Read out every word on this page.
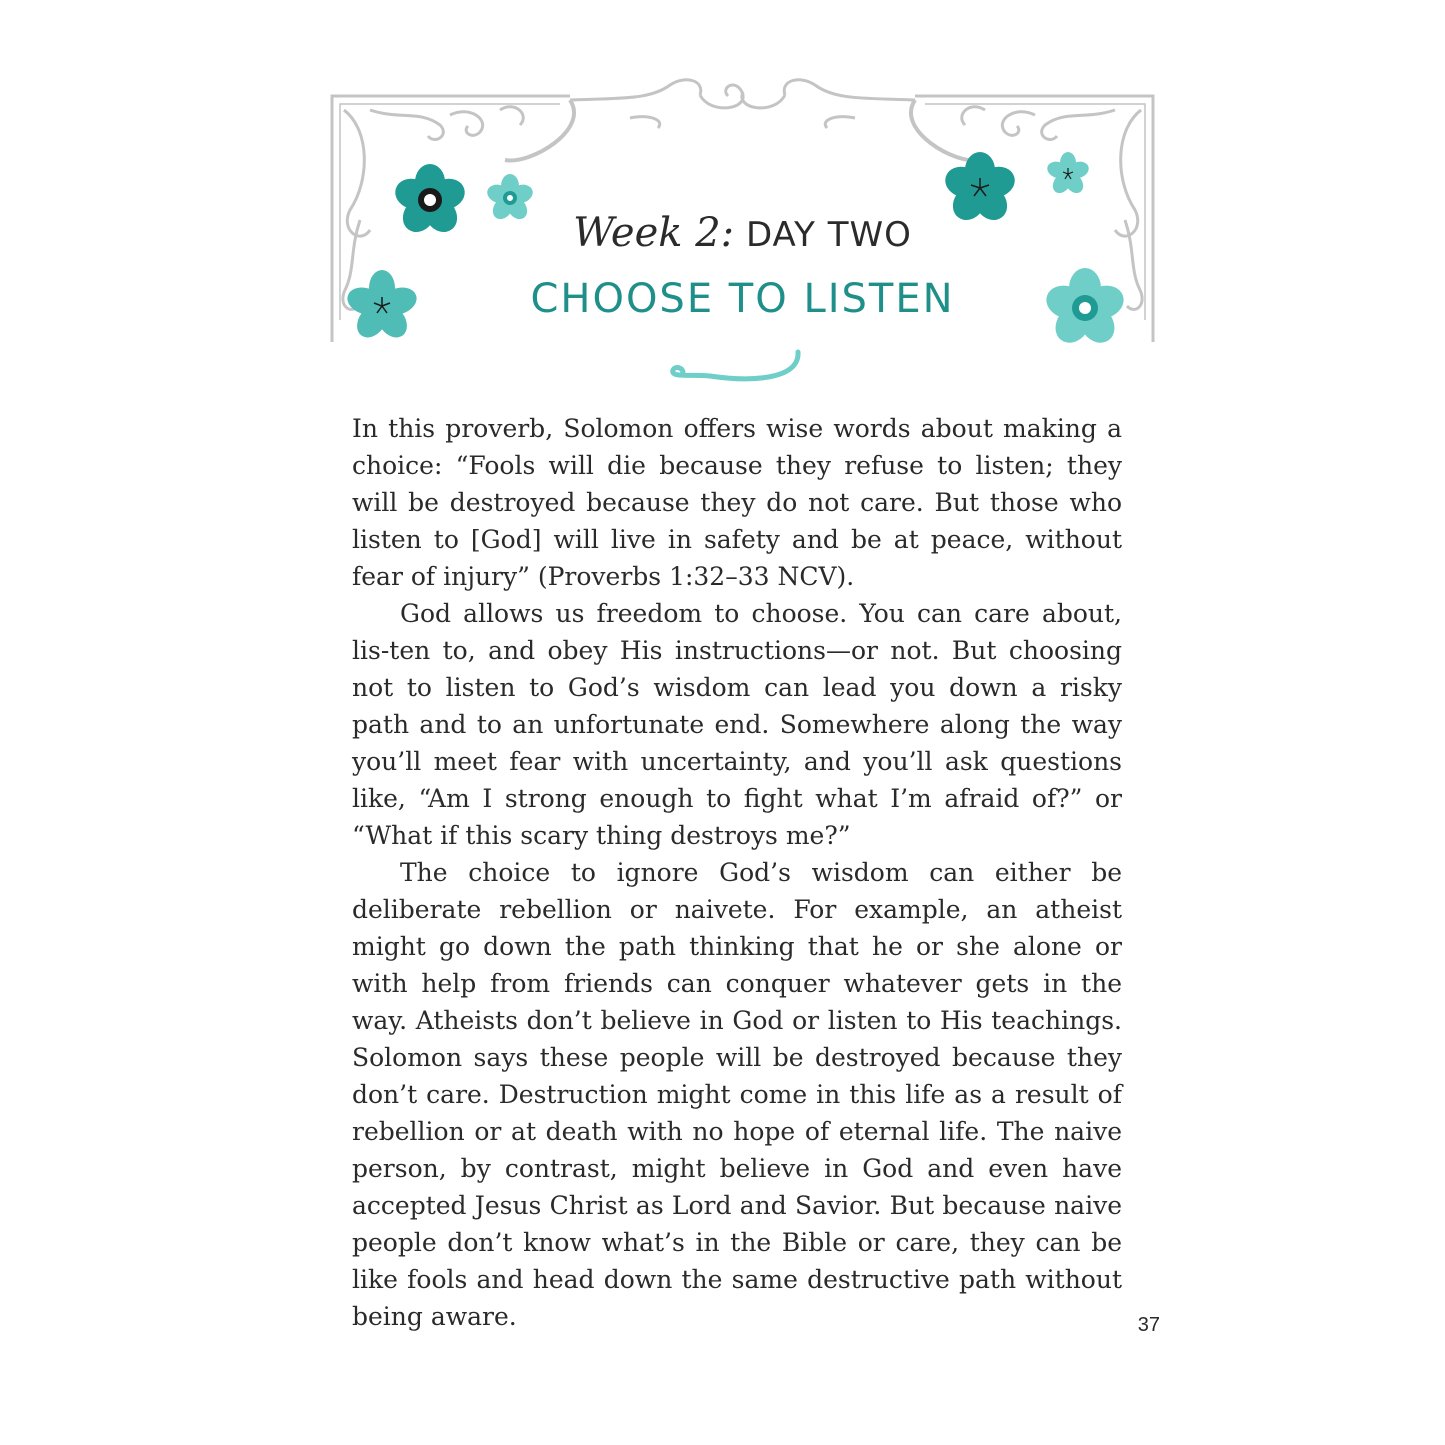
Week 2: DAY TWO
CHOOSE TO LISTEN

In this proverb, Solomon offers wise words about making a choice: “Fools will die because they refuse to listen; they will be destroyed because they do not care. But those who listen to [God] will live in safety and be at peace, without fear of injury” (Proverbs 1:32–33 NCV).

God allows us freedom to choose. You can care about, lis-ten to, and obey His instructions—or not. But choosing not to listen to God’s wisdom can lead you down a risky path and to an unfortunate end. Somewhere along the way you’ll meet fear with uncertainty, and you’ll ask questions like, “Am I strong enough to fight what I’m afraid of?” or “What if this scary thing destroys me?”

The choice to ignore God’s wisdom can either be deliberate rebellion or naivete. For example, an atheist might go down the path thinking that he or she alone or with help from friends can conquer whatever gets in the way. Atheists don’t believe in God or listen to His teachings. Solomon says these people will be destroyed because they don’t care. Destruction might come in this life as a result of rebellion or at death with no hope of eternal life. The naive person, by contrast, might believe in God and even have accepted Jesus Christ as Lord and Savior. But because naive people don’t know what’s in the Bible or care, they can be like fools and head down the same destructive path without being aware.	37
